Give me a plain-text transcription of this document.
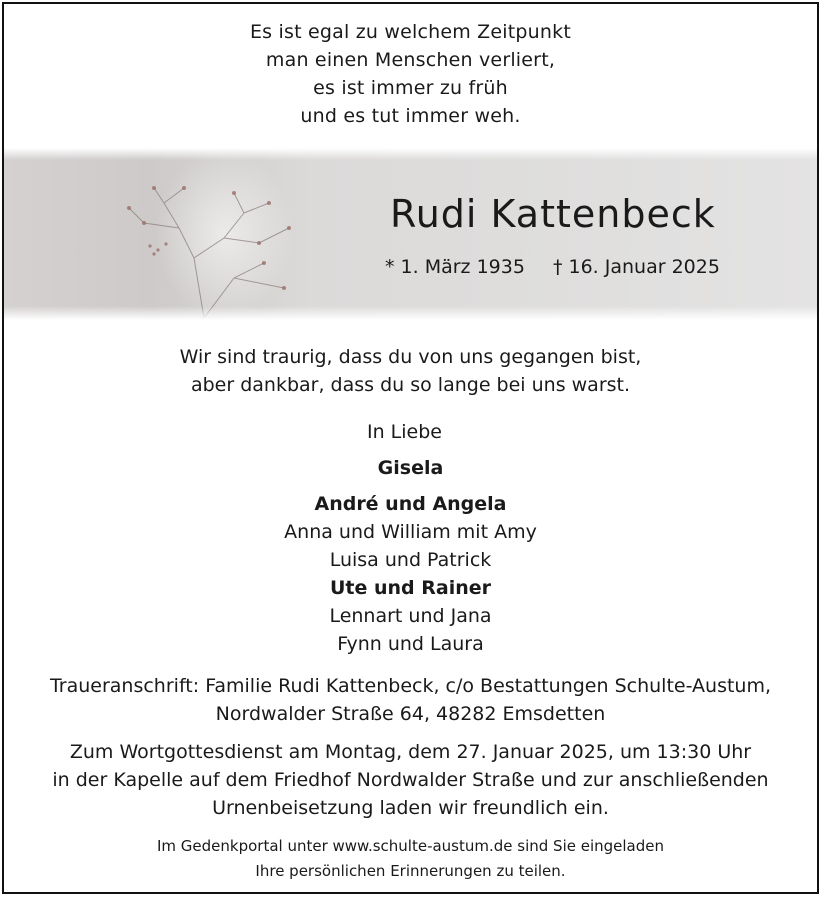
Es ist egal zu welchem Zeitpunkt
man einen Menschen verliert,
es ist immer zu früh
und es tut immer weh.
Rudi Kattenbeck
* 1. März 1935 † 16. Januar 2025
Wir sind traurig, dass du von uns gegangen bist,
aber dankbar, dass du so lange bei uns warst.
In Liebe
Gisela
André und Angela
Anna und William mit Amy
Luisa und Patrick
Ute und Rainer
Lennart und Jana
Fynn und Laura
Traueranschrift: Familie Rudi Kattenbeck, c/o Bestattungen Schulte-Austum,
Nordwalder Straße 64, 48282 Emsdetten
Zum Wortgottesdienst am Montag, dem 27. Januar 2025, um 13:30 Uhr
in der Kapelle auf dem Friedhof Nordwalder Straße und zur anschließenden
Urnenbeisetzung laden wir freundlich ein.
Im Gedenkportal unter www.schulte-austum.de sind Sie eingeladen
Ihre persönlichen Erinnerungen zu teilen.
